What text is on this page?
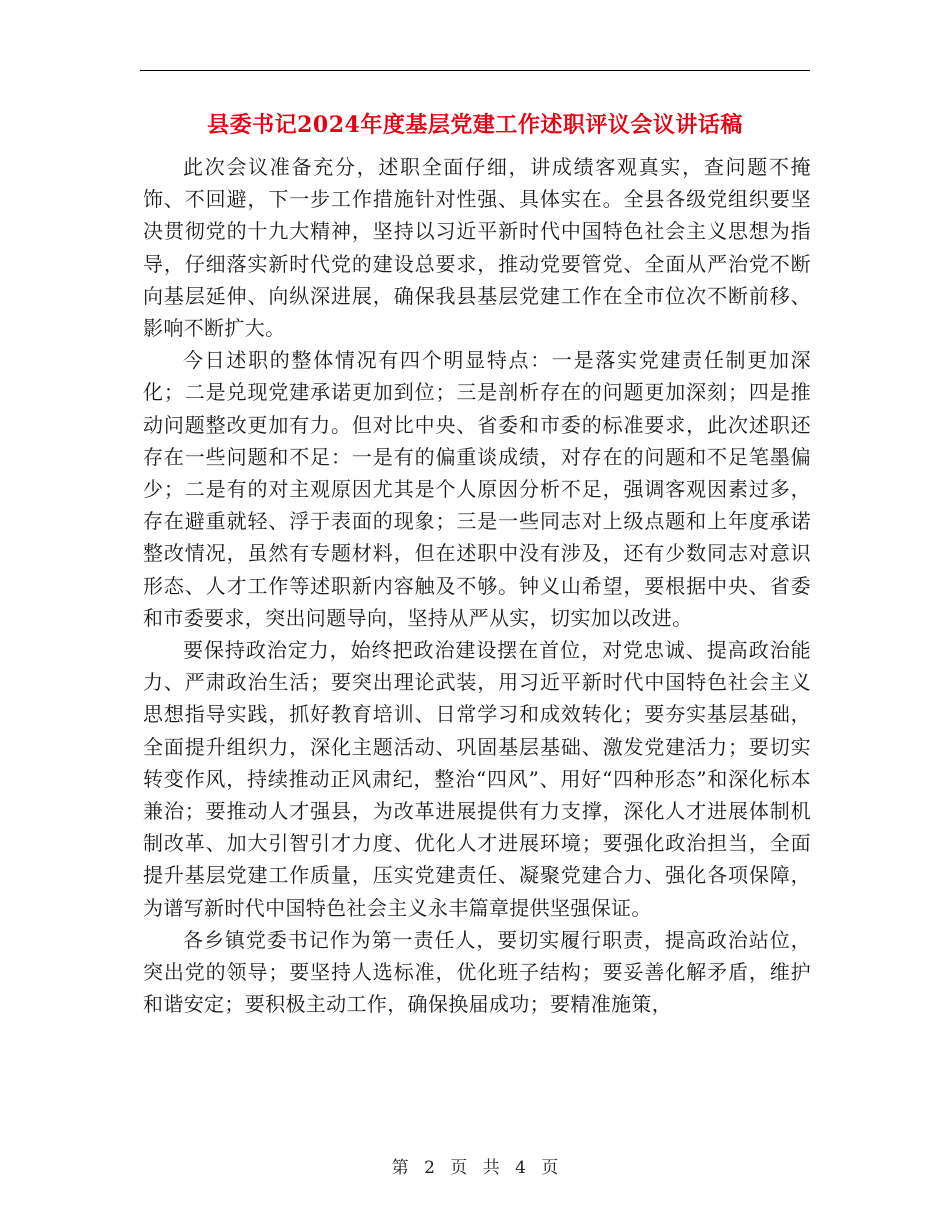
县委书记2024年度基层党建工作述职评议会议讲话稿

此次会议准备充分，述职全面仔细，讲成绩客观真实，查问题不掩饰、不回避，下一步工作措施针对性强、具体实在。全县各级党组织要坚决贯彻党的十九大精神，坚持以习近平新时代中国特色社会主义思想为指导，仔细落实新时代党的建设总要求，推动党要管党、全面从严治党不断向基层延伸、向纵深进展，确保我县基层党建工作在全市位次不断前移、影响不断扩大。

今日述职的整体情况有四个明显特点：一是落实党建责任制更加深化；二是兑现党建承诺更加到位；三是剖析存在的问题更加深刻；四是推动问题整改更加有力。但对比中央、省委和市委的标准要求，此次述职还存在一些问题和不足：一是有的偏重谈成绩，对存在的问题和不足笔墨偏少；二是有的对主观原因尤其是个人原因分析不足，强调客观因素过多，存在避重就轻、浮于表面的现象；三是一些同志对上级点题和上年度承诺整改情况，虽然有专题材料，但在述职中没有涉及，还有少数同志对意识形态、人才工作等述职新内容触及不够。钟义山希望，要根据中央、省委和市委要求，突出问题导向，坚持从严从实，切实加以改进。

要保持政治定力，始终把政治建设摆在首位，对党忠诚、提高政治能力、严肃政治生活；要突出理论武装，用习近平新时代中国特色社会主义思想指导实践，抓好教育培训、日常学习和成效转化；要夯实基层基础，全面提升组织力，深化主题活动、巩固基层基础、激发党建活力；要切实转变作风，持续推动正风肃纪，整治“四风”、用好“四种形态”和深化标本兼治；要推动人才强县，为改革进展提供有力支撑，深化人才进展体制机制改革、加大引智引才力度、优化人才进展环境；要强化政治担当，全面提升基层党建工作质量，压实党建责任、凝聚党建合力、强化各项保障，为谱写新时代中国特色社会主义永丰篇章提供坚强保证。

各乡镇党委书记作为第一责任人，要切实履行职责，提高政治站位，突出党的领导；要坚持人选标准，优化班子结构；要妥善化解矛盾，维护和谐安定；要积极主动工作，确保换届成功；要精准施策，

第 2 页 共 4 页
